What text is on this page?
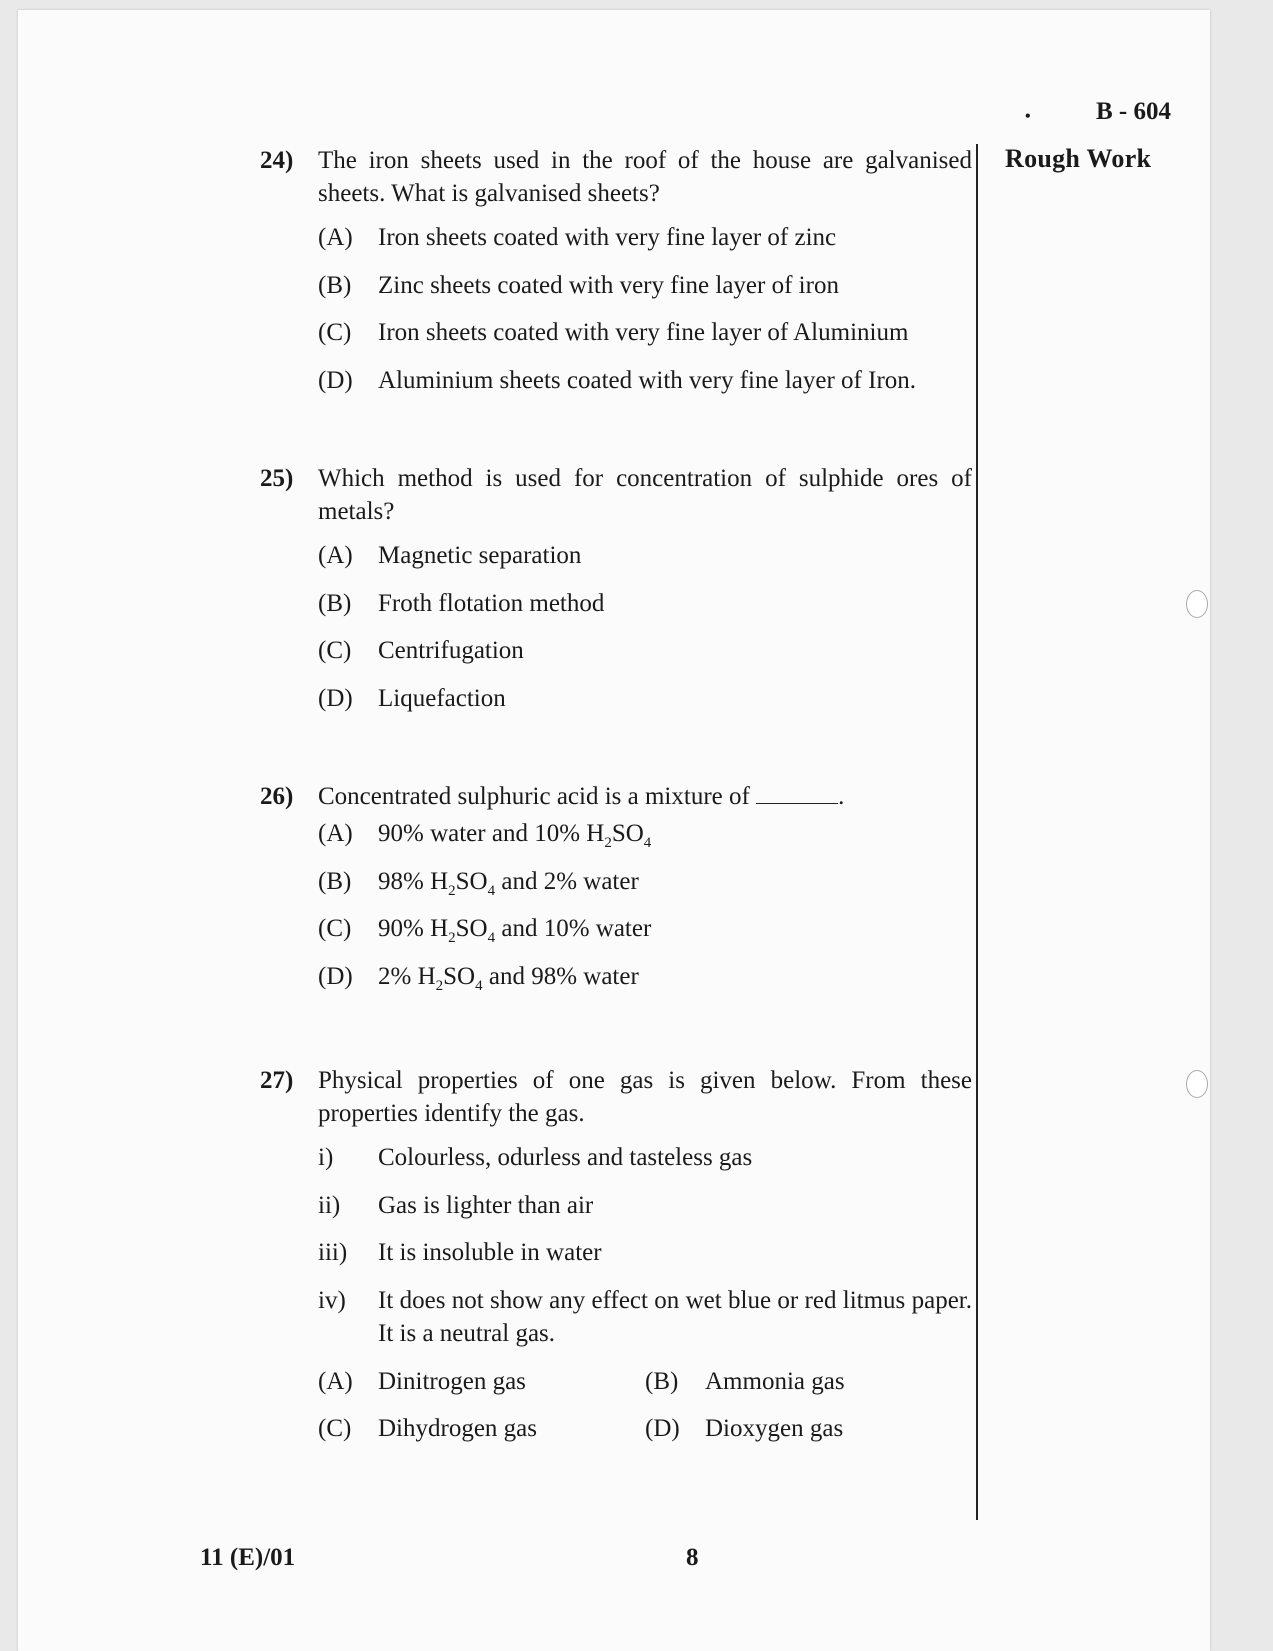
•	B - 604
Rough Work
24) The iron sheets used in the roof of the house are galvanised sheets. What is galvanised sheets?
(A)	Iron sheets coated with very fine layer of zinc
(B)	Zinc sheets coated with very fine layer of iron
(C)	Iron sheets coated with very fine layer of Aluminium
(D)	Aluminium sheets coated with very fine layer of Iron.
25) Which method is used for concentration of sulphide ores of metals?
(A)	Magnetic separation
(B)	Froth flotation method
(C)	Centrifugation
(D)	Liquefaction
26) Concentrated sulphuric acid is a mixture of	.
(A)	90% water and 10% $H_2SO_4$
(B)	98% $H_2SO_4$ and 2% water
(C)	90% $H_2SO_4$ and 10% water
(D)	2% $H_2SO_4$ and 98% water
27) Physical properties of one gas is given below. From these properties identify the gas.
i)	Colourless, odurless and tasteless gas
ii)	Gas is lighter than air
iii)	It is insoluble in water
iv)	It does not show any effect on wet blue or red litmus paper. It is a neutral gas.
(A)	Dinitrogen gas	(B)	Ammonia gas
(C)	Dihydrogen gas	(D)	Dioxygen gas
11 (E)/01	8
